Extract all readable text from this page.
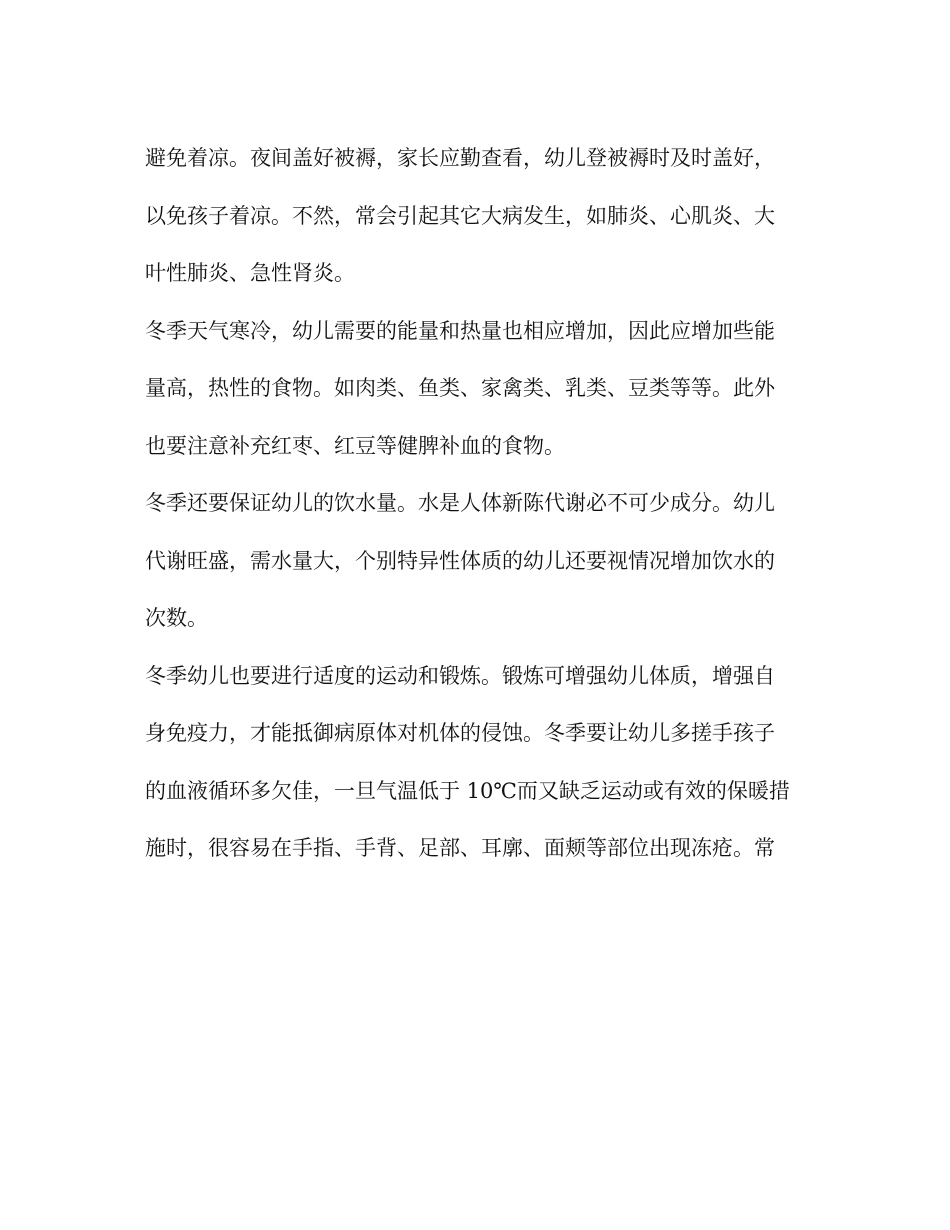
避免着凉。夜间盖好被褥，家长应勤查看，幼儿登被褥时及时盖好，
以免孩子着凉。不然，常会引起其它大病发生，如肺炎、心肌炎、大
叶性肺炎、急性肾炎。
冬季天气寒冷，幼儿需要的能量和热量也相应增加，因此应增加些能
量高，热性的食物。如肉类、鱼类、家禽类、乳类、豆类等等。此外
也要注意补充红枣、红豆等健脾补血的食物。
冬季还要保证幼儿的饮水量。水是人体新陈代谢必不可少成分。幼儿
代谢旺盛，需水量大，个别特异性体质的幼儿还要视情况增加饮水的
次数。
冬季幼儿也要进行适度的运动和锻炼。锻炼可增强幼儿体质，增强自
身免疫力，才能抵御病原体对机体的侵蚀。冬季要让幼儿多搓手孩子
的血液循环多欠佳，一旦气温低于 10℃而又缺乏运动或有效的保暖措
施时，很容易在手指、手背、足部、耳廓、面颊等部位出现冻疮。常
